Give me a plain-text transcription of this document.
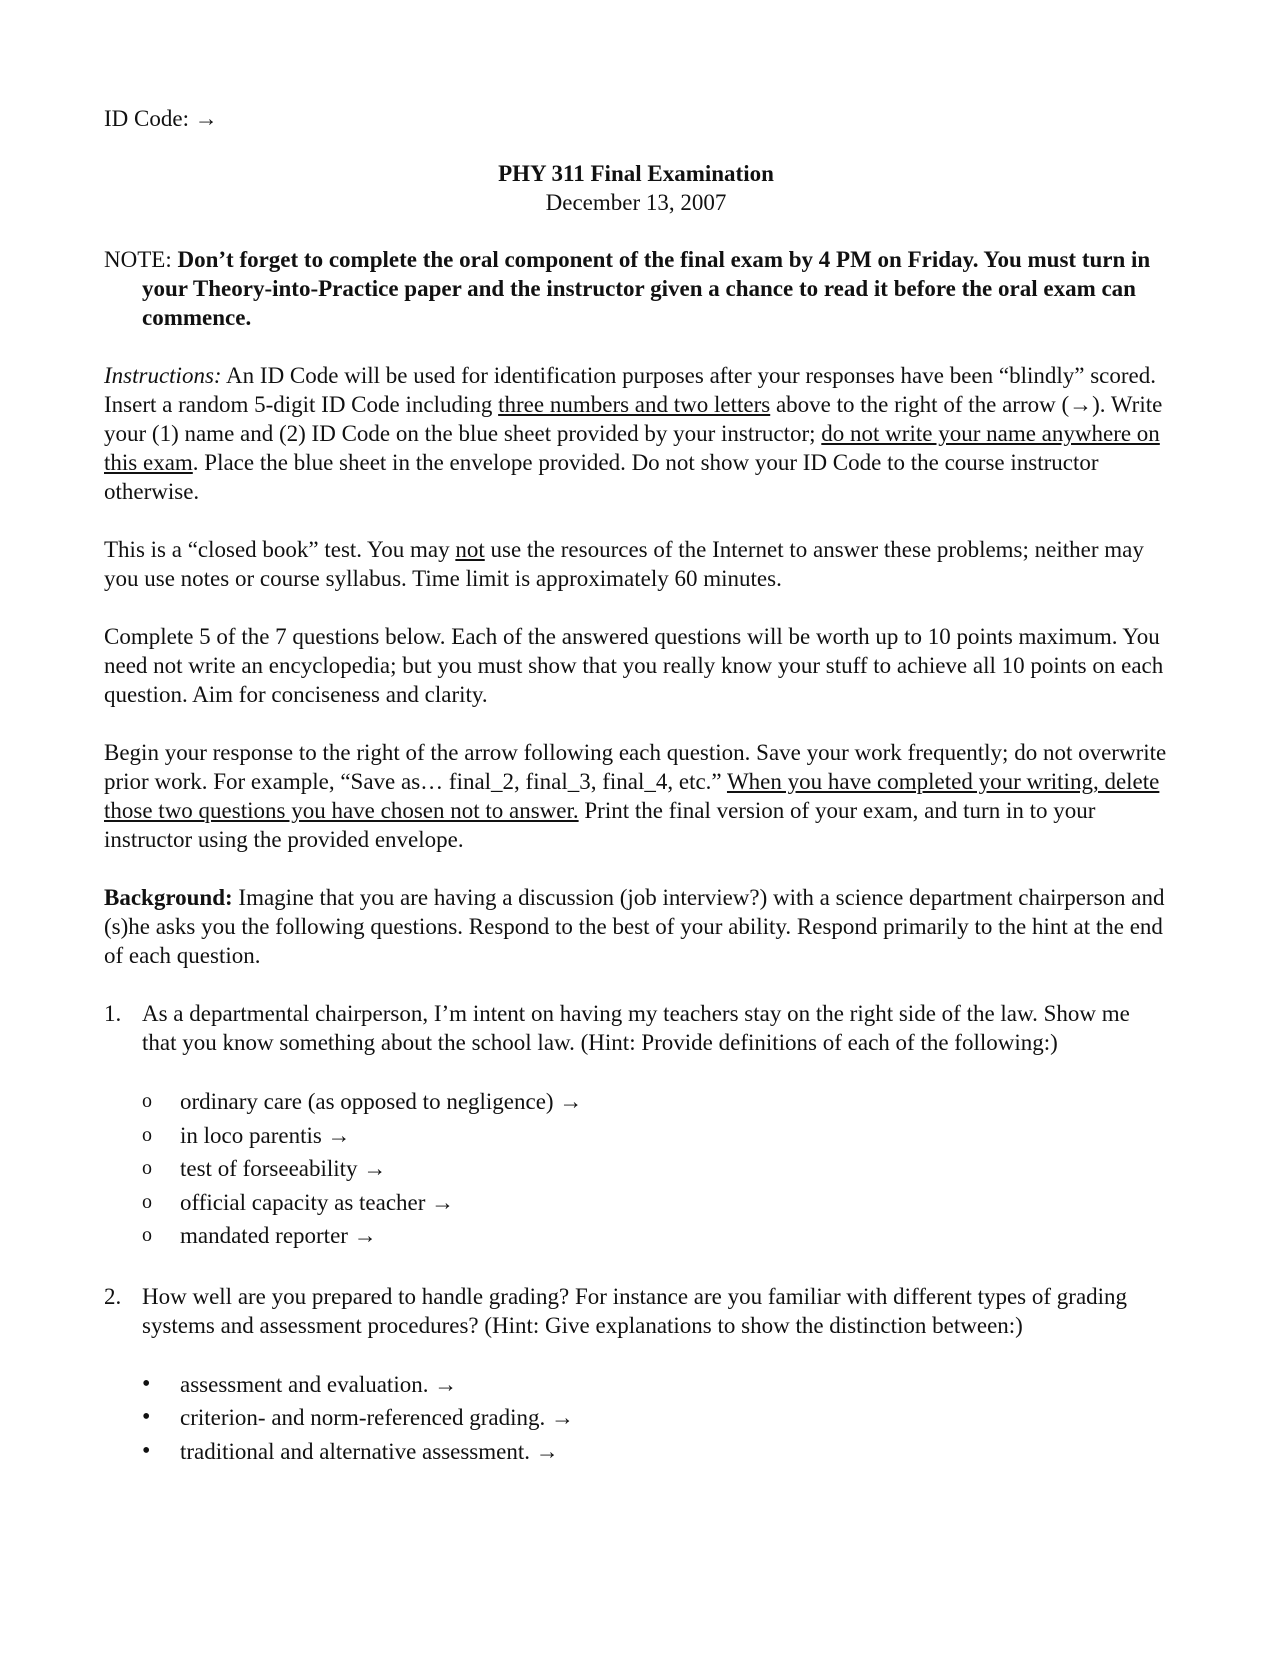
ID Code: →

PHY 311 Final Examination

December 13, 2007

NOTE: Don’t forget to complete the oral component of the final exam by 4 PM on Friday. You must turn in your Theory-into-Practice paper and the instructor given a chance to read it before the oral exam can commence.

Instructions: An ID Code will be used for identification purposes after your responses have been “blindly” scored. Insert a random 5-digit ID Code including three numbers and two letters above to the right of the arrow (→). Write your (1) name and (2) ID Code on the blue sheet provided by your instructor; do not write your name anywhere on this exam. Place the blue sheet in the envelope provided. Do not show your ID Code to the course instructor otherwise.

This is a “closed book” test. You may not use the resources of the Internet to answer these problems; neither may you use notes or course syllabus. Time limit is approximately 60 minutes.

Complete 5 of the 7 questions below. Each of the answered questions will be worth up to 10 points maximum. You need not write an encyclopedia; but you must show that you really know your stuff to achieve all 10 points on each question. Aim for conciseness and clarity.

Begin your response to the right of the arrow following each question. Save your work frequently; do not overwrite prior work. For example, “Save as… final_2, final_3, final_4, etc.” When you have completed your writing, delete those two questions you have chosen not to answer. Print the final version of your exam, and turn in to your instructor using the provided envelope.

Background: Imagine that you are having a discussion (job interview?) with a science department chairperson and (s)he asks you the following questions. Respond to the best of your ability. Respond primarily to the hint at the end of each question.

1. As a departmental chairperson, I’m intent on having my teachers stay on the right side of the law. Show me that you know something about the school law. (Hint: Provide definitions of each of the following:)
o	ordinary care (as opposed to negligence) →
o	in loco parentis →
o	test of forseeability →
o	official capacity as teacher →
o	mandated reporter →
2. How well are you prepared to handle grading? For instance are you familiar with different types of grading systems and assessment procedures? (Hint: Give explanations to show the distinction between:)
•	assessment and evaluation. →
•	criterion- and norm-referenced grading. →
•	traditional and alternative assessment. →
